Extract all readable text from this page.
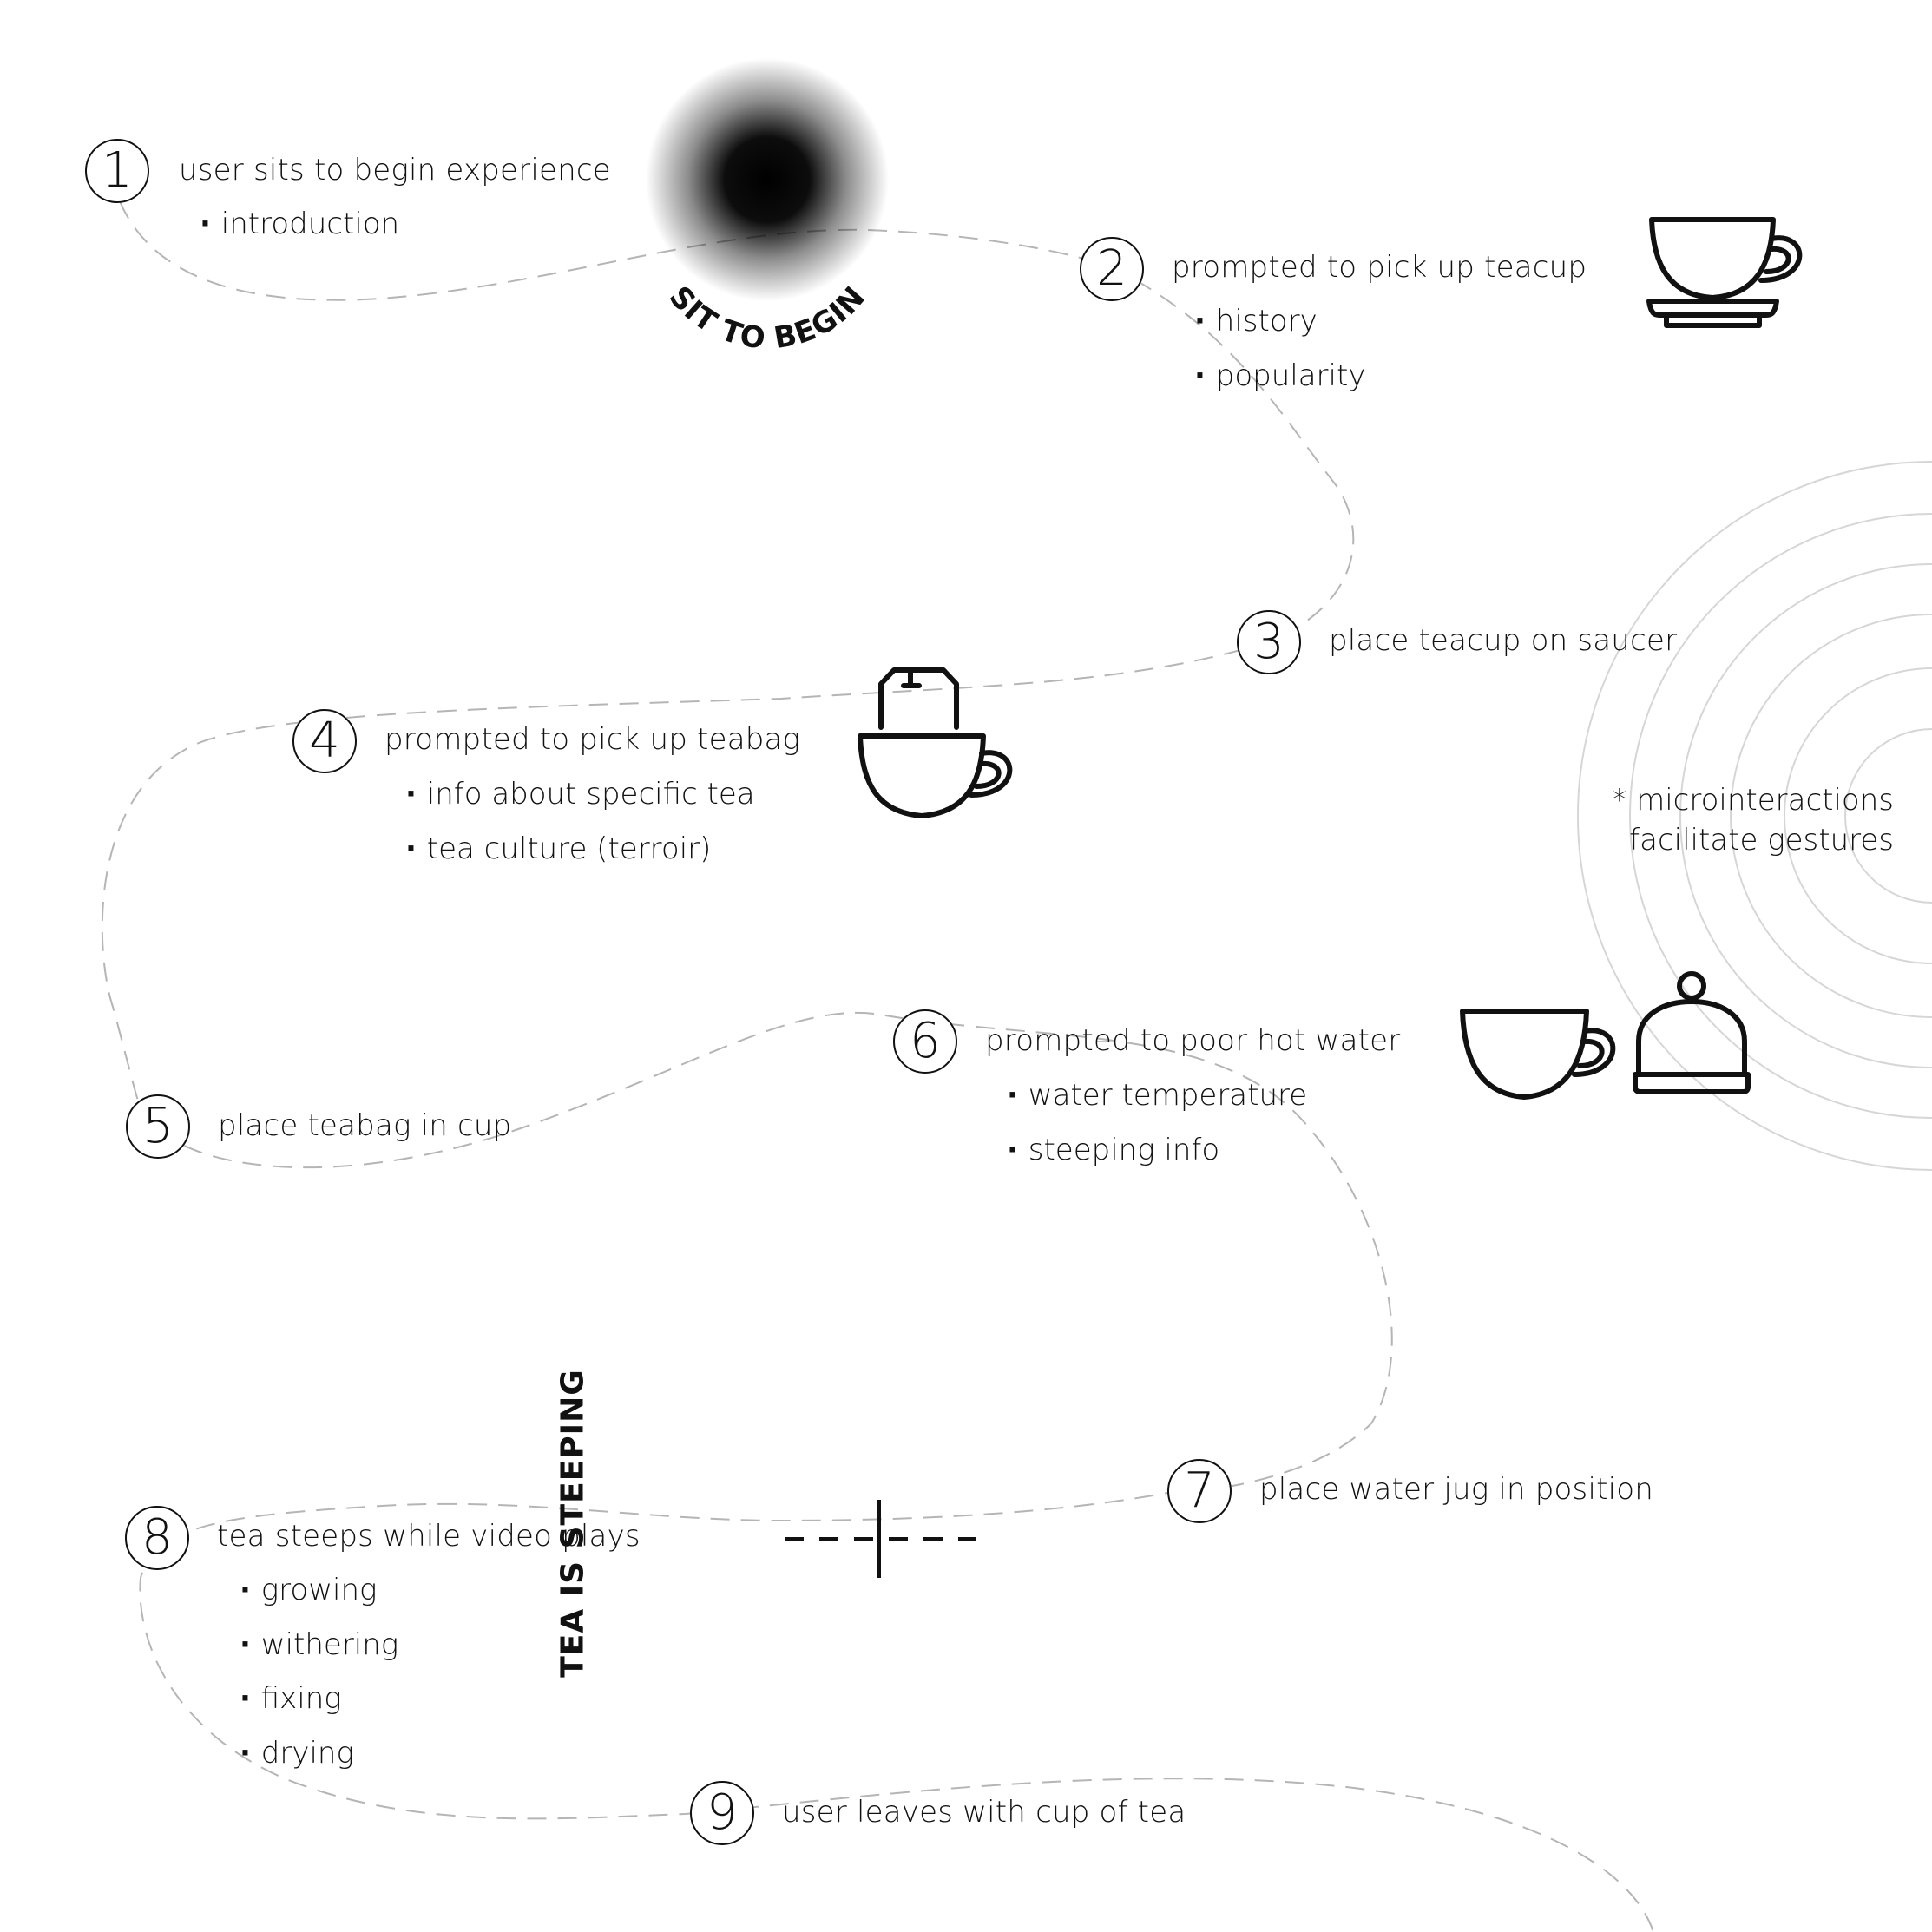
SIT TO BEGIN
TEA IS STEEPING
1	user sits to begin experience
· introduction
2	prompted to pick up teacup
· history
· popularity
3	place teacup on saucer
4	prompted to pick up teabag
· info about specific tea
· tea culture (terroir)
5	place teabag in cup
6	prompted to poor hot water
· water temperature
· steeping info
7	place water jug in position
8	tea steeps while video plays
· growing
· withering
· fixing
· drying
9	user leaves with cup of tea
* microinteractions
facilitate gestures
